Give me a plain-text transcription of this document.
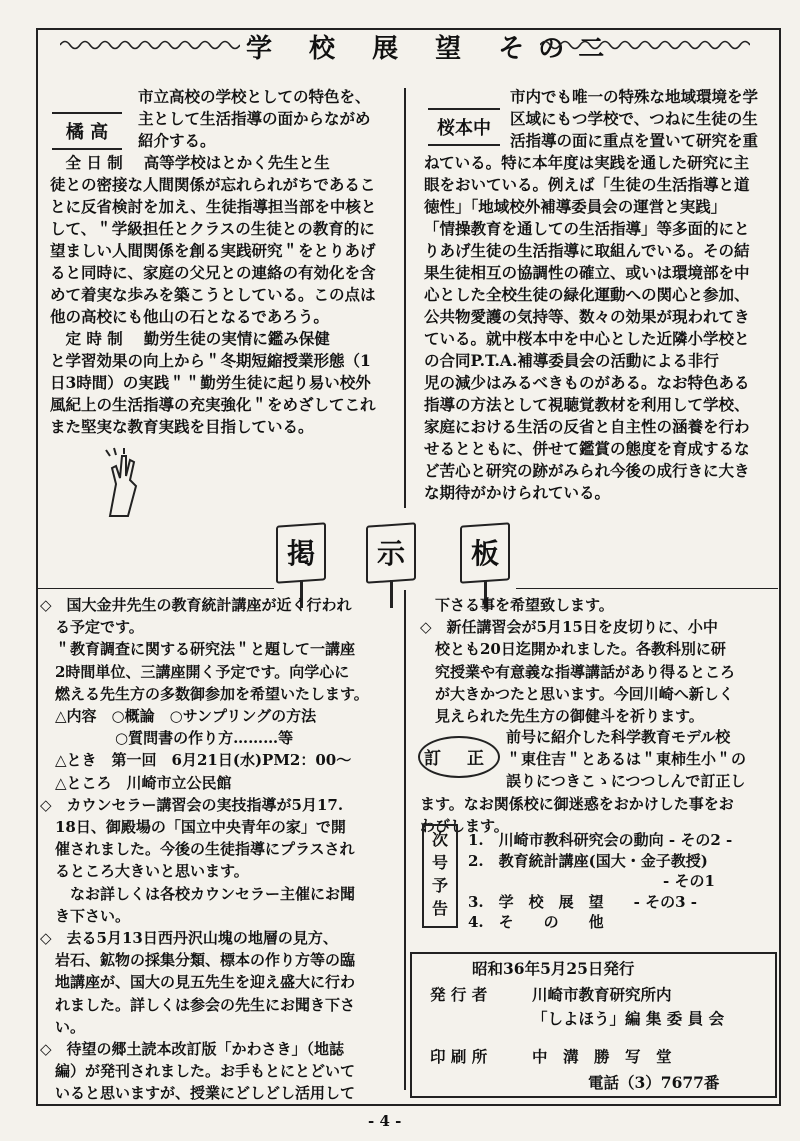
学 校 展 望 その二
橘 高
市立高校の学校としての特色を、
主として生活指導の面からながめ
紹介する。
　全 日 制　 高等学校はとかく先生と生
徒との密接な人間関係が忘れられがちであるこ
とに反省検討を加え、生徒指導担当部を中核と
して、＂学級担任とクラスの生徒との教育的に
望ましい人間関係を創る実践研究＂をとりあげ
ると同時に、家庭の父兄との連絡の有効化を含
めて着実な歩みを築こうとしている。この点は
他の高校にも他山の石となるであろう。
　定 時 制　 勤労生徒の実情に鑑み保健
と学習効果の向上から＂冬期短縮授業形態（1
日3時間）の実践＂＂勤労生徒に起り易い校外
風紀上の生活指導の充実強化＂をめざしてこれ
また堅実な教育実践を目指している。
桜本中
市内でも唯一の特殊な地域環境を学
区域にもつ学校で、つねに生徒の生
活指導の面に重点を置いて研究を重
ねている。特に本年度は実践を通した研究に主
眼をおいている。例えば「生徒の生活指導と道
徳性」「地域校外補導委員会の運営と実践」
「情操教育を通しての生活指導」等多面的にと
りあげ生徒の生活指導に取組んでいる。その結
果生徒相互の協調性の確立、或いは環境部を中
心とした全校生徒の緑化運動への関心と参加、
公共物愛護の気持等、数々の効果が現われてき
ている。就中桜本中を中心とした近隣小学校と
の合同P.T.A.補導委員会の活動による非行
児の減少はみるべきものがある。なお特色ある
指導の方法として視聴覚教材を利用して学校、
家庭における生活の反省と自主性の涵養を行わ
せるとともに、併せて鑑賞の態度を育成するな
ど苦心と研究の跡がみられ今後の成行きに大き
な期待がかけられている。
掲 示 板
◇　国大金井先生の教育統計講座が近く行われ
　る予定です。
　＂教育調査に関する研究法＂と題して一講座
　2時間単位、三講座開く予定です。向学心に
　燃える先生方の多数御参加を希望いたします。
　△内容　○概論　○サンプリングの方法
　　　　　○質問書の作り方………等
　△とき　第一回　6月21日(水)PM2：00〜
　△ところ　川崎市立公民館
◇　カウンセラー講習会の実技指導が5月17.
　18日、御殿場の「国立中央青年の家」で開
　催されました。今後の生徒指導にプラスされ
　るところ大きいと思います。
　　なお詳しくは各校カウンセラー主催にお聞
　き下さい。
◇　去る5月13日西丹沢山塊の地層の見方、
　岩石、鉱物の採集分類、標本の作り方等の臨
　地講座が、国大の見五先生を迎え盛大に行わ
　れました。詳しくは参会の先生にお聞き下さ
　い。
◇　待望の郷土読本改訂版「かわさき」（地誌
　編）が発刊されました。お手もとにとどいて
　いると思いますが、授業にどしどし活用して
　下さる事を希望致します。
◇　新任講習会が5月15日を皮切りに、小中
　校とも20日迄開かれました。各教科別に研
　究授業や有意義な指導講話があり得るところ
　が大きかつたと思います。今回川崎へ新しく
　見えられた先生方の御健斗を祈ります。
訂 正
前号に紹介した科学教育モデル校
＂東住吉＂とあるは＂東柿生小＂の
誤りにつきこゝにつつしんで訂正し
ます。なお関係校に御迷惑をおかけした事をお
わびします。
次
号
予
告
1.　川崎市教科研究会の動向 - その2 -
2.　教育統計講座(国大・金子教授)
　　　　　　　　　　　　　- その1
3.　学　校　展　望　　- その3 -
4.　そ　　の　　他
昭和36年5月25日発行
発 行 者	川崎市教育研究所内
「しよほう」編 集 委 員 会
印 刷 所	中　溝　勝　写　堂
電話（3）7677番
- 4 -
